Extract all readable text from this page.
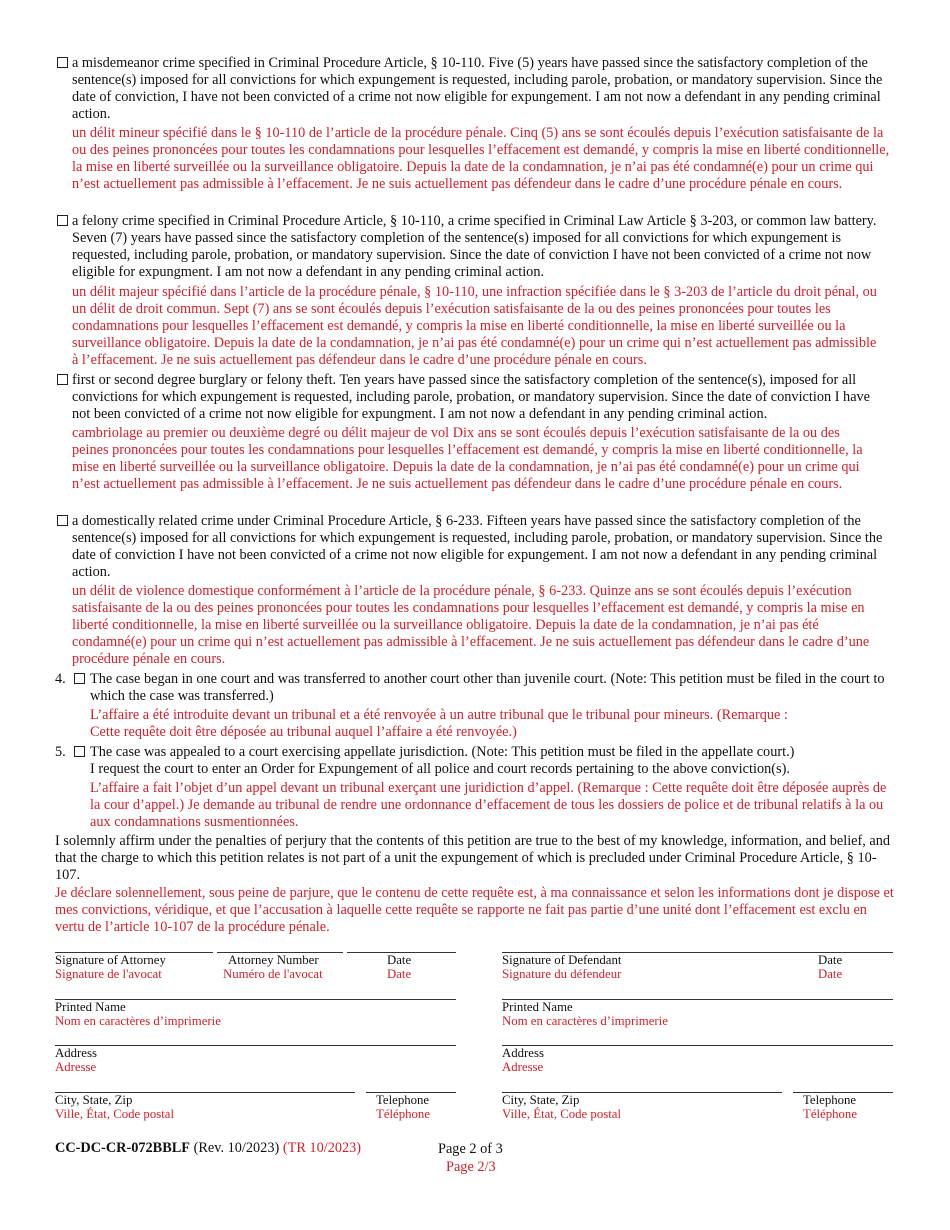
a misdemeanor crime specified in Criminal Procedure Article, § 10-110. Five (5) years have passed since the satisfactory completion of the sentence(s) imposed for all convictions for which expungement is requested, including parole, probation, or mandatory supervision. Since the date of conviction, I have not been convicted of a crime not now eligible for expungement. I am not now a defendant in any pending criminal action.
un délit mineur spécifié dans le § 10-110 de l’article de la procédure pénale. Cinq (5) ans se sont écoulés depuis l’exécution satisfaisante de la ou des peines prononcées pour toutes les condamnations pour lesquelles l’effacement est demandé, y compris la mise en liberté conditionnelle, la mise en liberté surveillée ou la surveillance obligatoire. Depuis la date de la condamnation, je n’ai pas été condamné(e) pour un crime qui n’est actuellement pas admissible à l’effacement. Je ne suis actuellement pas défendeur dans le cadre d’une procédure pénale en cours.
a felony crime specified in Criminal Procedure Article, § 10-110, a crime specified in Criminal Law Article § 3-203, or common law battery. Seven (7) years have passed since the satisfactory completion of the sentence(s) imposed for all convictions for which expungement is requested, including parole, probation, or mandatory supervision. Since the date of conviction I have not been convicted of a crime not now eligible for expungment. I am not now a defendant in any pending criminal action.
un délit majeur spécifié dans l’article de la procédure pénale, § 10-110, une infraction spécifiée dans le § 3-203 de l’article du droit pénal, ou un délit de droit commun. Sept (7) ans se sont écoulés depuis l’exécution satisfaisante de la ou des peines prononcées pour toutes les condamnations pour lesquelles l’effacement est demandé, y compris la mise en liberté conditionnelle, la mise en liberté surveillée ou la surveillance obligatoire. Depuis la date de la condamnation, je n’ai pas été condamné(e) pour un crime qui n’est actuellement pas admissible à l’effacement. Je ne suis actuellement pas défendeur dans le cadre d’une procédure pénale en cours.
first or second degree burglary or felony theft. Ten years have passed since the satisfactory completion of the sentence(s), imposed for all convictions for which expungement is requested, including parole, probation, or mandatory supervision. Since the date of conviction I have not been convicted of a crime not now eligible for expungment. I am not now a defendant in any pending criminal action.
cambriolage au premier ou deuxième degré ou délit majeur de vol Dix ans se sont écoulés depuis l’exécution satisfaisante de la ou des peines prononcées pour toutes les condamnations pour lesquelles l’effacement est demandé, y compris la mise en liberté conditionnelle, la mise en liberté surveillée ou la surveillance obligatoire. Depuis la date de la condamnation, je n’ai pas été condamné(e) pour un crime qui n’est actuellement pas admissible à l’effacement. Je ne suis actuellement pas défendeur dans le cadre d’une procédure pénale en cours.
a domestically related crime under Criminal Procedure Article, § 6-233. Fifteen years have passed since the satisfactory completion of the sentence(s) imposed for all convictions for which expungement is requested, including parole, probation, or mandatory supervision. Since the date of conviction I have not been convicted of a crime not now eligible for expungement. I am not now a defendant in any pending criminal action.
un délit de violence domestique conformément à l’article de la procédure pénale, § 6-233. Quinze ans se sont écoulés depuis l’exécution satisfaisante de la ou des peines prononcées pour toutes les condamnations pour lesquelles l’effacement est demandé, y compris la mise en liberté conditionnelle, la mise en liberté surveillée ou la surveillance obligatoire. Depuis la date de la condamnation, je n’ai pas été condamné(e) pour un crime qui n’est actuellement pas admissible à l’effacement. Je ne suis actuellement pas défendeur dans le cadre d’une procédure pénale en cours.
4. The case began in one court and was transferred to another court other than juvenile court. (Note: This petition must be filed in the court to which the case was transferred.)
L’affaire a été introduite devant un tribunal et a été renvoyée à un autre tribunal que le tribunal pour mineurs. (Remarque : Cette requête doit être déposée au tribunal auquel l’affaire a été renvoyée.)
5. The case was appealed to a court exercising appellate jurisdiction. (Note: This petition must be filed in the appellate court.)
I request the court to enter an Order for Expungement of all police and court records pertaining to the above conviction(s).
L’affaire a fait l’objet d’un appel devant un tribunal exerçant une juridiction d’appel. (Remarque : Cette requête doit être déposée auprès de la cour d’appel.) Je demande au tribunal de rendre une ordonnance d’effacement de tous les dossiers de police et de tribunal relatifs à la ou aux condamnations susmentionnées.
I solemnly affirm under the penalties of perjury that the contents of this petition are true to the best of my knowledge, information, and belief, and that the charge to which this petition relates is not part of a unit the expungement of which is precluded under Criminal Procedure Article, § 10-107.
Je déclare solennellement, sous peine de parjure, que le contenu de cette requête est, à ma connaissance et selon les informations dont je dispose et mes convictions, véridique, et que l’accusation à laquelle cette requête se rapporte ne fait pas partie d’une unité dont l’effacement est exclu en vertu de l’article 10-107 de la procédure pénale.
Signature of Attorney
Signature de l'avocat
Attorney Number
Numéro de l'avocat
Date
Date
Printed Name
Nom en caractères d’imprimerie
Address
Adresse
City, State, Zip
Ville, État, Code postal
Telephone
Téléphone
Signature of Defendant
Signature du défendeur
Date
Date
Printed Name
Nom en caractères d’imprimerie
Address
Adresse
City, State, Zip
Ville, État, Code postal
Telephone
Téléphone
CC-DC-CR-072BBLF (Rev. 10/2023) (TR 10/2023)	Page 2 of 3
Page 2/3
